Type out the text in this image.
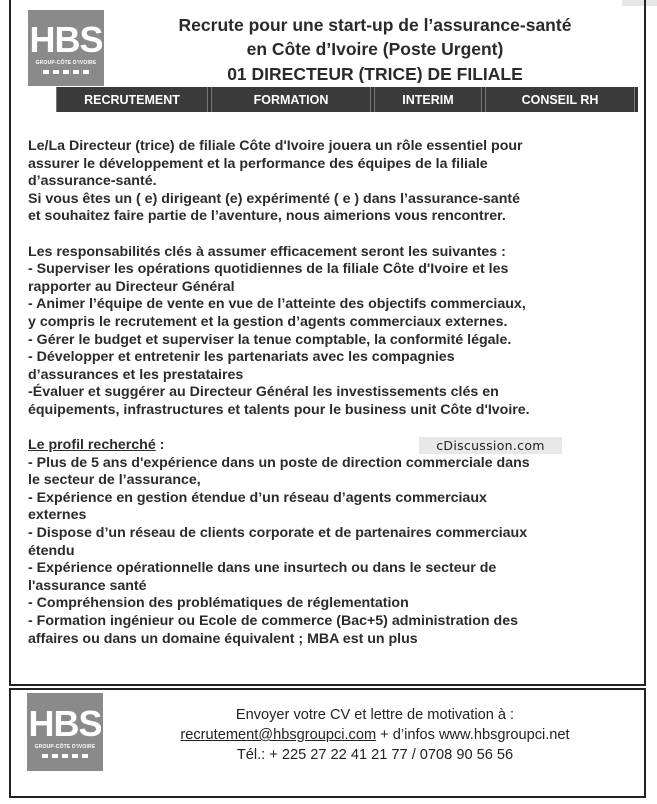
HBS
GROUP-CÔTE D'IVOIRE
Recrute pour une start-up de l’assurance-santé
en Côte d’Ivoire (Poste Urgent)
01 DIRECTEUR (TRICE) DE FILIALE
RECRUTEMENT	FORMATION	INTERIM	CONSEIL RH

Le/La Directeur (trice) de filiale Côte d'Ivoire jouera un rôle essentiel pour

assurer le développement et la performance des équipes de la filiale

d’assurance-santé.

Si vous êtes un ( e) dirigeant (e) expérimenté ( e ) dans l’assurance-santé

et souhaitez faire partie de l’aventure, nous aimerions vous rencontrer.

Les responsabilités clés à assumer efficacement seront les suivantes :

- Superviser les opérations quotidiennes de la filiale Côte d'Ivoire et les

rapporter au Directeur Général

- Animer l’équipe de vente en vue de l’atteinte des objectifs commerciaux,

y compris le recrutement et la gestion d’agents commerciaux externes.

- Gérer le budget et superviser la tenue comptable, la conformité légale.

- Développer et entretenir les partenariats avec les compagnies

d’assurances et les prestataires

-Évaluer et suggérer au Directeur Général les investissements clés en

équipements, infrastructures et talents pour le business unit Côte d'Ivoire.

Le profil recherché :

- Plus de 5 ans d'expérience dans un poste de direction commerciale dans

le secteur de l’assurance,

- Expérience en gestion étendue d’un réseau d’agents commerciaux

externes

- Dispose d’un réseau de clients corporate et de partenaires commerciaux

étendu

- Expérience opérationnelle dans une insurtech ou dans le secteur de

l'assurance santé

- Compréhension des problématiques de réglementation

- Formation ingénieur ou Ecole de commerce (Bac+5) administration des

affaires ou dans un domaine équivalent ; MBA est un plus

cDiscussion.com
HBS
GROUP-CÔTE D'IVOIRE
Envoyer votre CV et lettre de motivation à :
recrutement@hbsgroupci.com + d’infos www.hbsgroupci.net
Tél.: + 225 27 22 41 21 77 / 0708 90 56 56
